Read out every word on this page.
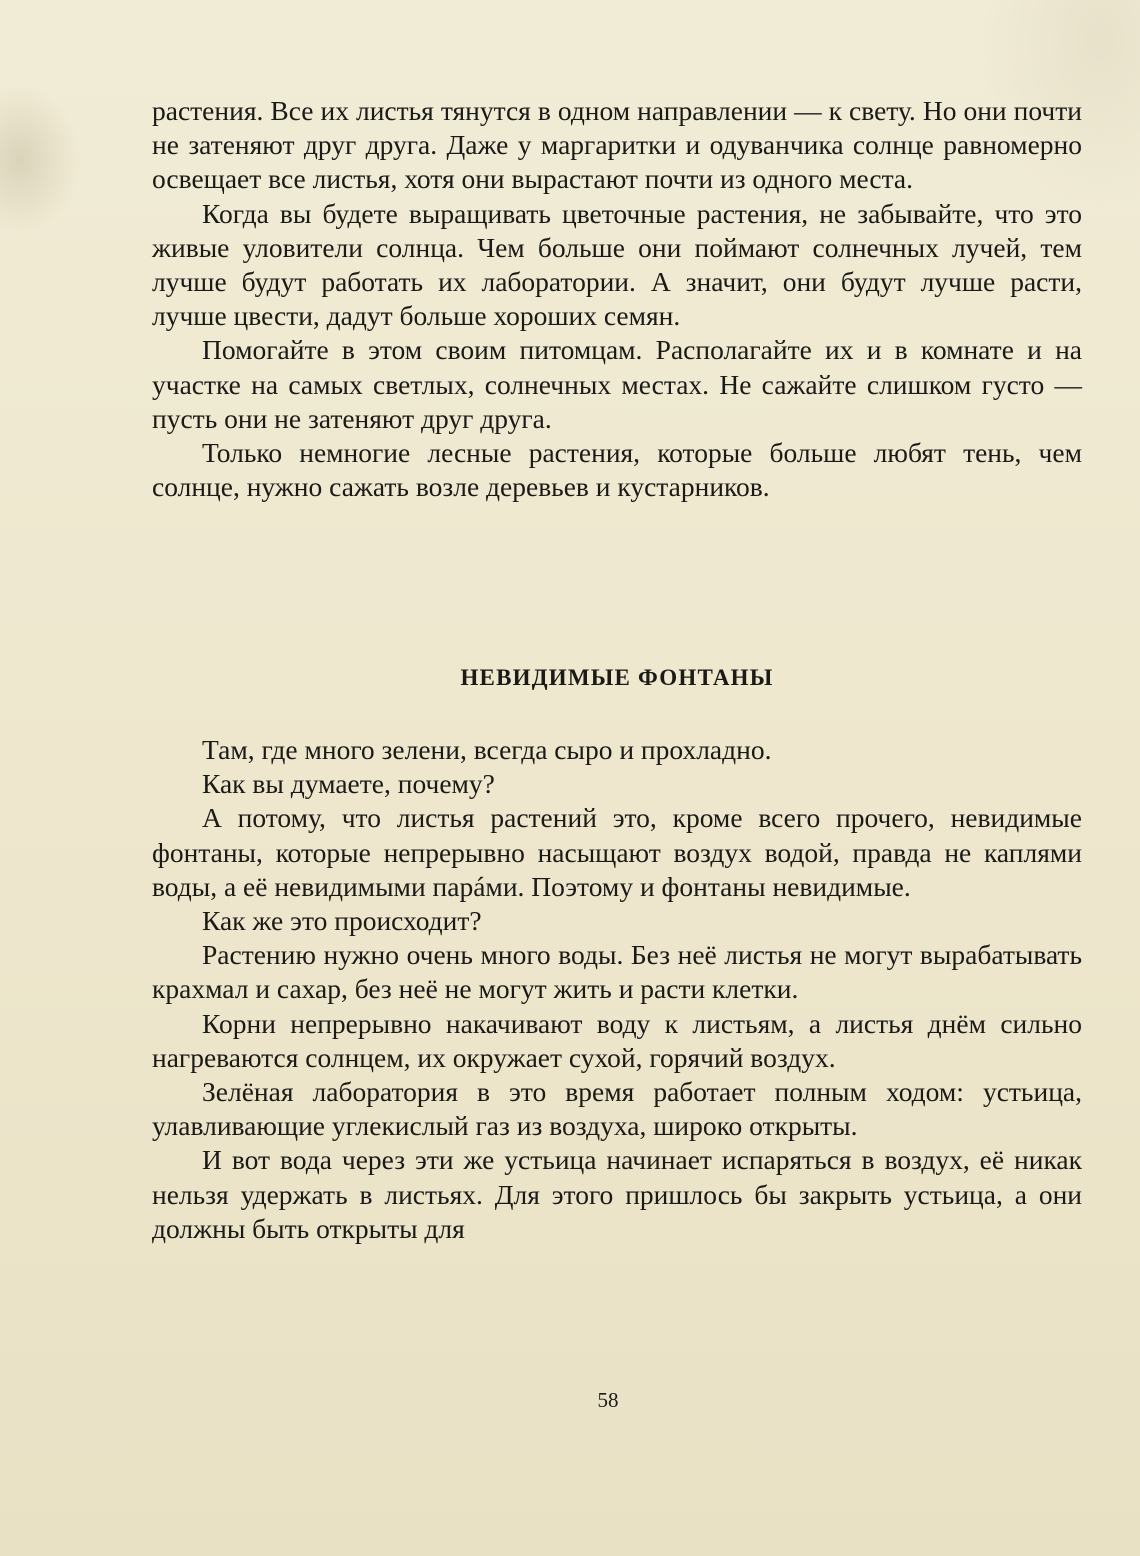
растения. Все их листья тянутся в одном направлении — к свету. Но они почти не затеняют друг друга. Даже у маргаритки и одуванчика солнце равномерно освещает все листья, хотя они вырастают почти из одного места.

Когда вы будете выращивать цветочные растения, не забывайте, что это живые уловители солнца. Чем больше они поймают солнечных лучей, тем лучше будут работать их лаборатории. А значит, они будут лучше расти, лучше цвести, дадут больше хороших семян.

Помогайте в этом своим питомцам. Располагайте их и в комнате и на участке на самых светлых, солнечных местах. Не сажайте слишком густо — пусть они не затеняют друг друга.

Только немногие лесные растения, которые больше любят тень, чем солнце, нужно сажать возле деревьев и кустарников.

НЕВИДИМЫЕ ФОНТАНЫ

Там, где много зелени, всегда сыро и прохладно.

Как вы думаете, почему?

А потому, что листья растений это, кроме всего прочего, невидимые фонтаны, которые непрерывно насыщают воздух водой, правда не каплями воды, а её невидимыми парáми. Поэтому и фонтаны невидимые.

Как же это происходит?

Растению нужно очень много воды. Без неё листья не могут вырабатывать крахмал и сахар, без неё не могут жить и расти клетки.

Корни непрерывно накачивают воду к листьям, а листья днём сильно нагреваются солнцем, их окружает сухой, горячий воздух.

Зелёная лаборатория в это время работает полным ходом: устьица, улавливающие углекислый газ из воздуха, широко открыты.

И вот вода через эти же устьица начинает испаряться в воздух, её никак нельзя удержать в листьях. Для этого пришлось бы закрыть устьица, а они должны быть открыты для

58
